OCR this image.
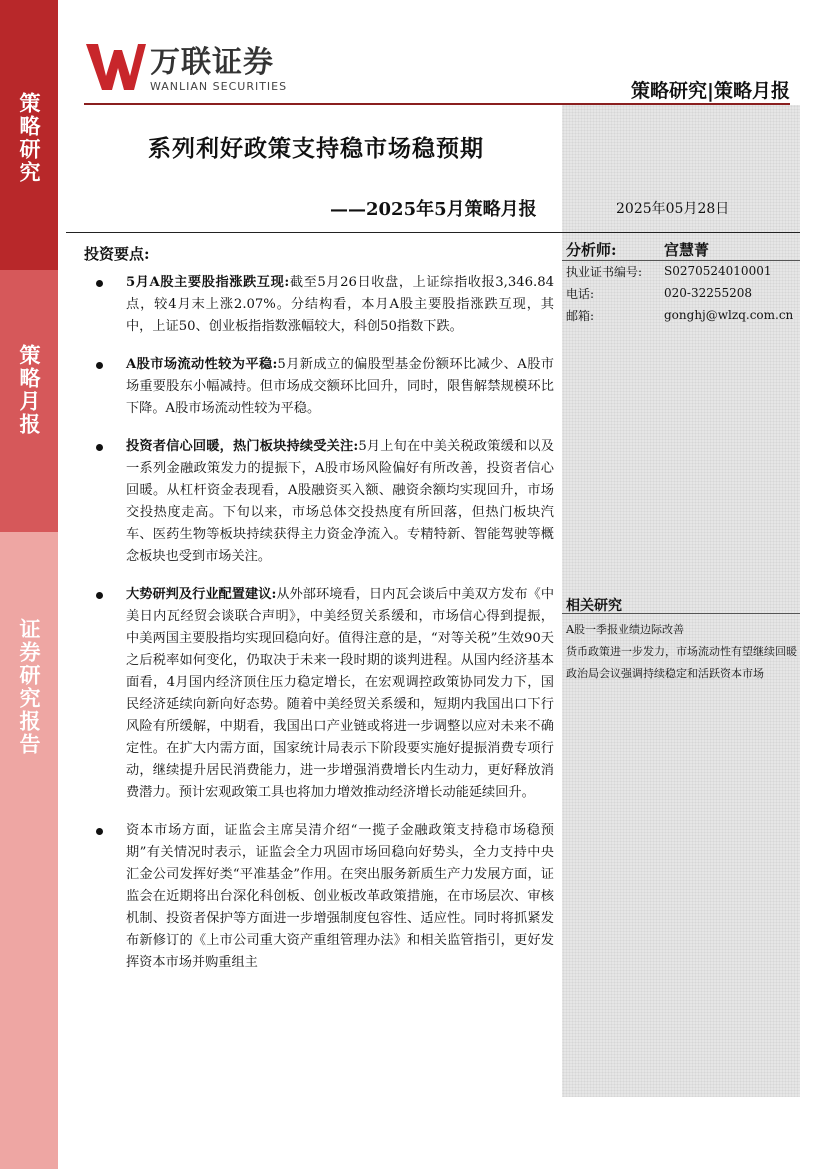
策略研究
策略月报
证券研究报告
万联证券
WANLIAN SECURITIES	策略研究|策略月报
系列利好政策支持稳市场稳预期
——2025年5月策略月报	2025年05月28日
投资要点:
5月A股主要股指涨跌互现:截至5月26日收盘，上证综指收报3,346.84点，较4月末上涨2.07%。分结构看，本月A股主要股指涨跌互现，其中，上证50、创业板指指数涨幅较大，科创50指数下跌。
A股市场流动性较为平稳:5月新成立的偏股型基金份额环比减少、A股市场重要股东小幅减持。但市场成交额环比回升，同时，限售解禁规模环比下降。A股市场流动性较为平稳。
投资者信心回暖，热门板块持续受关注:5月上旬在中美关税政策缓和以及一系列金融政策发力的提振下，A股市场风险偏好有所改善，投资者信心回暖。从杠杆资金表现看，A股融资买入额、融资余额均实现回升，市场交投热度走高。下旬以来，市场总体交投热度有所回落，但热门板块汽车、医药生物等板块持续获得主力资金净流入。专精特新、智能驾驶等概念板块也受到市场关注。
大势研判及行业配置建议:从外部环境看，日内瓦会谈后中美双方发布《中美日内瓦经贸会谈联合声明》，中美经贸关系缓和，市场信心得到提振，中美两国主要股指均实现回稳向好。值得注意的是，“对等关税”生效90天之后税率如何变化，仍取决于未来一段时期的谈判进程。从国内经济基本面看，4月国内经济顶住压力稳定增长，在宏观调控政策协同发力下，国民经济延续向新向好态势。随着中美经贸关系缓和，短期内我国出口下行风险有所缓解，中期看，我国出口产业链或将进一步调整以应对未来不确定性。在扩大内需方面，国家统计局表示下阶段要实施好提振消费专项行动，继续提升居民消费能力，进一步增强消费增长内生动力，更好释放消费潜力。预计宏观政策工具也将加力增效推动经济增长动能延续回升。
资本市场方面，证监会主席吴清介绍“一揽子金融政策支持稳市场稳预期”有关情况时表示，证监会全力巩固市场回稳向好势头，全力支持中央汇金公司发挥好类“平准基金”作用。在突出服务新质生产力发展方面，证监会在近期将出台深化科创板、创业板改革政策措施，在市场层次、审核机制、投资者保护等方面进一步增强制度包容性、适应性。同时将抓紧发布新修订的《上市公司重大资产重组管理办法》和相关监管指引，更好发挥资本市场并购重组主
分析师:	宫慧菁
执业证书编号:	S0270524010001
电话:	020-32255208
邮箱:	gonghj@wlzq.com.cn
相关研究
A股一季报业绩边际改善
货币政策进一步发力，市场流动性有望继续回暖
政治局会议强调持续稳定和活跃资本市场
